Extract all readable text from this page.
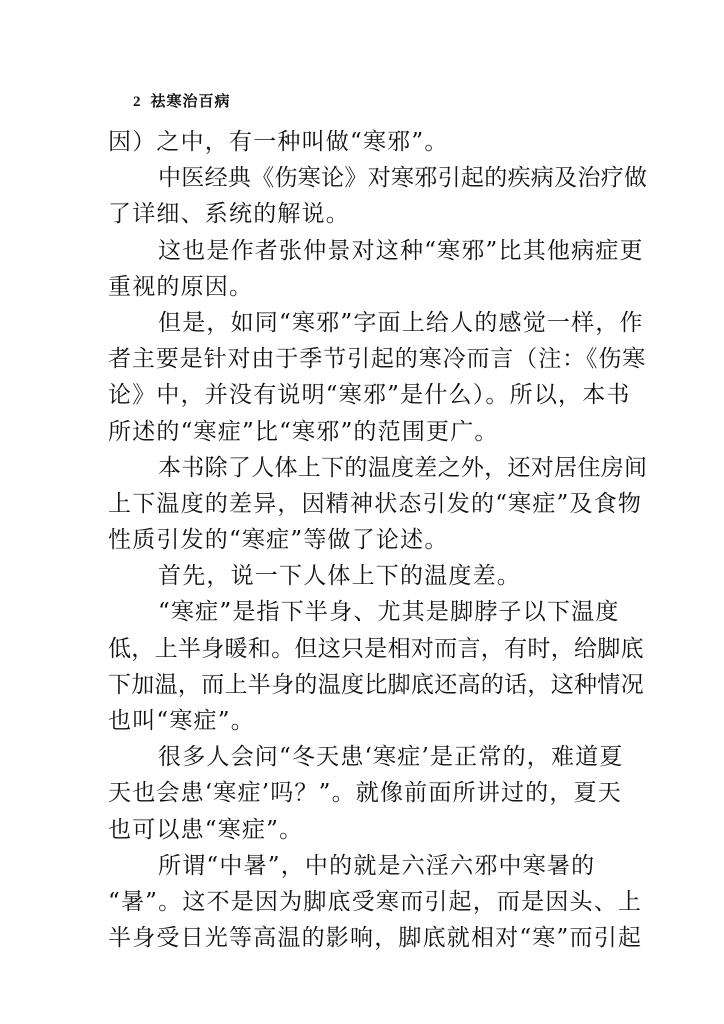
2 祛寒治百病
因）之中，有一种叫做“寒邪”。
中医经典《伤寒论》对寒邪引起的疾病及治疗做
了详细、系统的解说。
这也是作者张仲景对这种“寒邪”比其他病症更
重视的原因。
但是，如同“寒邪”字面上给人的感觉一样，作
者主要是针对由于季节引起的寒冷而言（注：《伤寒
论》中，并没有说明“寒邪”是什么）。所以，本书
所述的“寒症”比“寒邪”的范围更广。
本书除了人体上下的温度差之外，还对居住房间
上下温度的差异，因精神状态引发的“寒症”及食物
性质引发的“寒症”等做了论述。
首先，说一下人体上下的温度差。
“寒症”是指下半身、尤其是脚脖子以下温度
低，上半身暖和。但这只是相对而言，有时，给脚底
下加温，而上半身的温度比脚底还高的话，这种情况
也叫“寒症”。
很多人会问“冬天患‘寒症’是正常的，难道夏
天也会患‘寒症’吗？”。就像前面所讲过的，夏天
也可以患“寒症”。
所谓“中暑”，中的就是六淫六邪中寒暑的
“暑”。这不是因为脚底受寒而引起，而是因头、上
半身受日光等高温的影响，脚底就相对“寒”而引起
